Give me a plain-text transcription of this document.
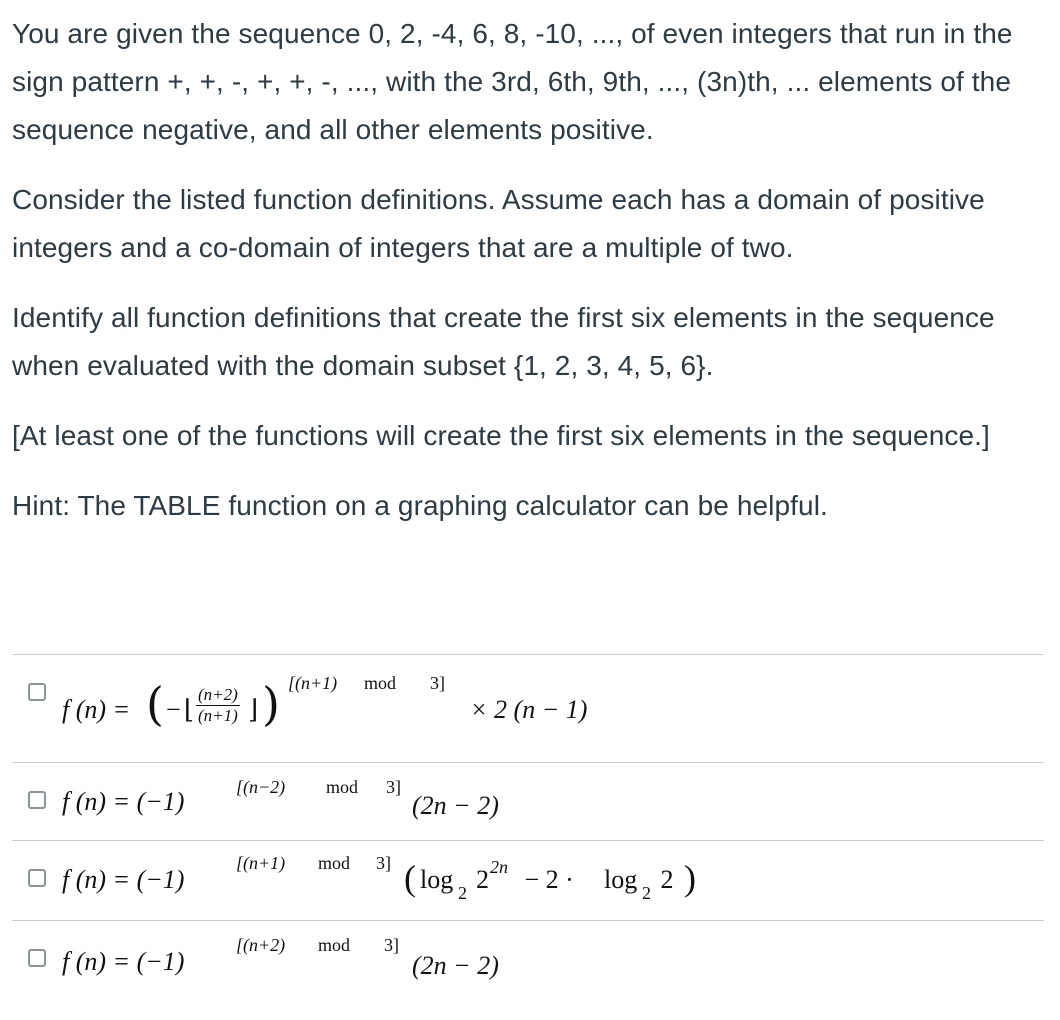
You are given the sequence 0, 2, -4, 6, 8, -10, ..., of even integers that run in the sign pattern +, +, -, +, +, -, ..., with the 3rd, 6th, 9th, ..., (3n)th, ... elements of the sequence negative, and all other elements positive.

Consider the listed function definitions. Assume each has a domain of positive integers and a co-domain of integers that are a multiple of two.

Identify all function definitions that create the first six elements in the sequence when evaluated with the domain subset {1, 2, 3, 4, 5, 6}.

[At least one of the functions will create the first six elements in the sequence.]

Hint: The TABLE function on a graphing calculator can be helpful.

f (n) = ( − ⌊ $\frac{(n+2)}{(n+1)}$ ⌋ ) [(n+1) mod 3]
× 2 (n − 1)
f (n) = (−1)	[(n−2) mod 3]
(2n − 2)
f (n) = (−1)
[(n+1) mod 3] ( log 2 2 2n − 2 · log 2 2 )
f (n) = (−1)
[(n+2) mod 3]
(2n − 2)
